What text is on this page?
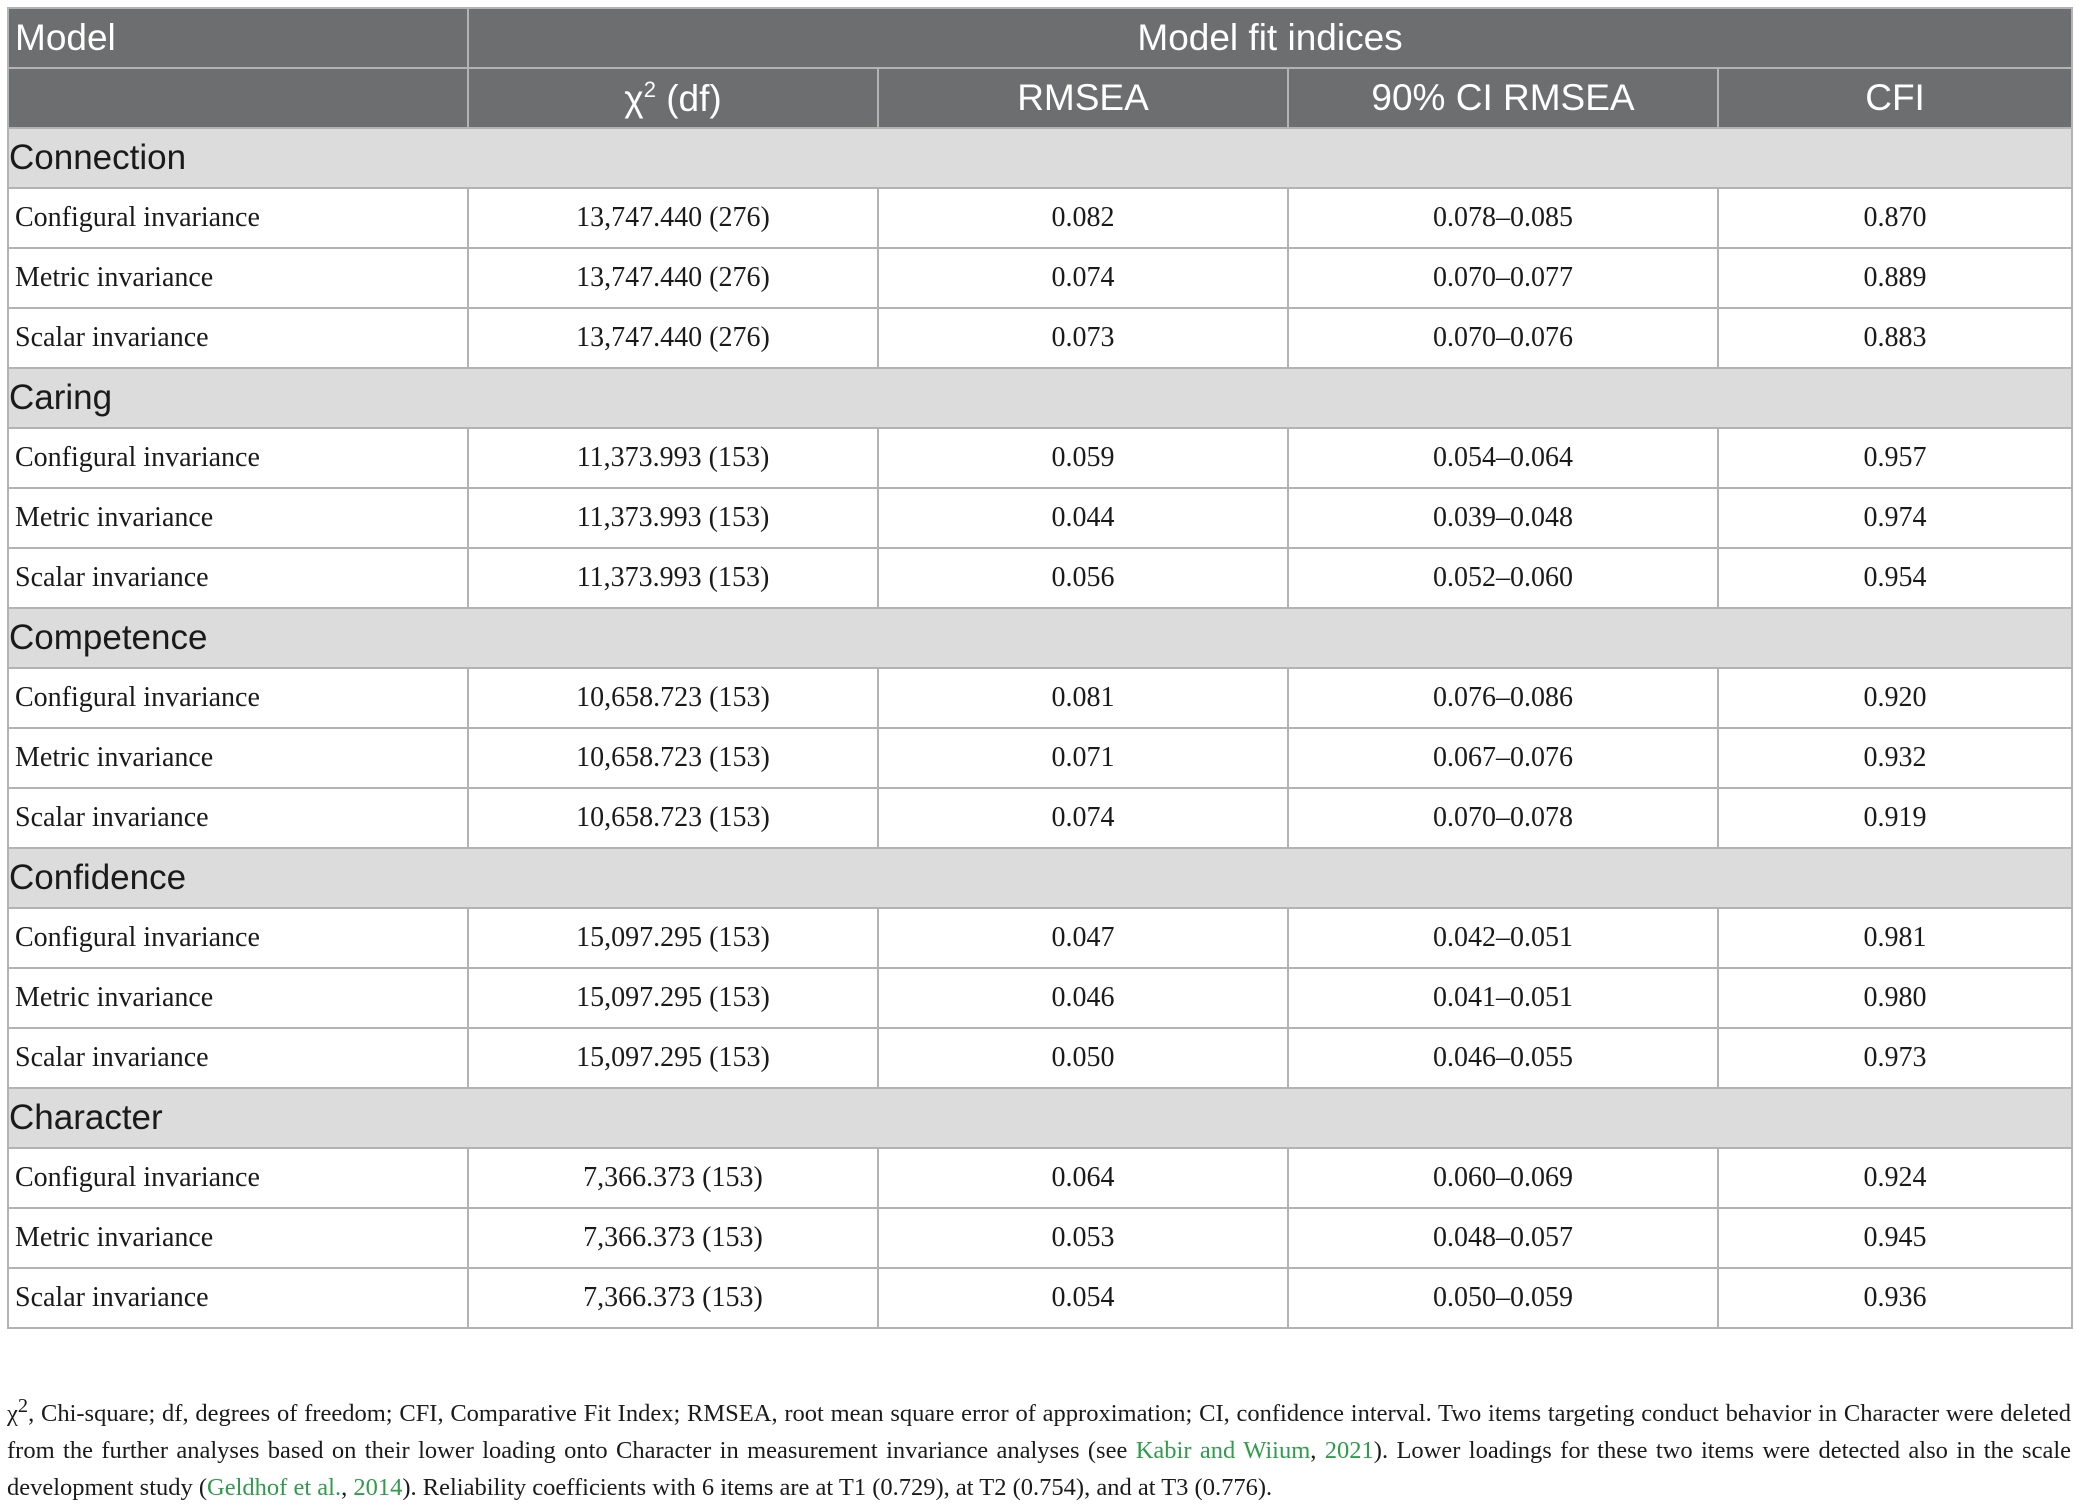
Model	Model fit indices			
	$\chi^2$ (df)	RMSEA	90% CI RMSEA	CFI
Connection				
Configural invariance	13,747.440 (276)	0.082	0.078–0.085	0.870
Metric invariance	13,747.440 (276)	0.074	0.070–0.077	0.889
Scalar invariance	13,747.440 (276)	0.073	0.070–0.076	0.883
Caring				
Configural invariance	11,373.993 (153)	0.059	0.054–0.064	0.957
Metric invariance	11,373.993 (153)	0.044	0.039–0.048	0.974
Scalar invariance	11,373.993 (153)	0.056	0.052–0.060	0.954
Competence				
Configural invariance	10,658.723 (153)	0.081	0.076–0.086	0.920
Metric invariance	10,658.723 (153)	0.071	0.067–0.076	0.932
Scalar invariance	10,658.723 (153)	0.074	0.070–0.078	0.919
Confidence				
Configural invariance	15,097.295 (153)	0.047	0.042–0.051	0.981
Metric invariance	15,097.295 (153)	0.046	0.041–0.051	0.980
Scalar invariance	15,097.295 (153)	0.050	0.046–0.055	0.973
Character				
Configural invariance	7,366.373 (153)	0.064	0.060–0.069	0.924
Metric invariance	7,366.373 (153)	0.053	0.048–0.057	0.945
Scalar invariance	7,366.373 (153)	0.054	0.050–0.059	0.936
$\chi^2$, Chi-square; df, degrees of freedom; CFI, Comparative Fit Index; RMSEA, root mean square error of approximation; CI, confidence interval. Two items targeting conduct behavior in Character were deleted from the further analyses based on their lower loading onto Character in measurement invariance analyses (see Kabir and Wiium, 2021). Lower loadings for these two items were detected also in the scale development study (Geldhof et al., 2014). Reliability coefficients with 6 items are at T1 (0.729), at T2 (0.754), and at T3 (0.776).
